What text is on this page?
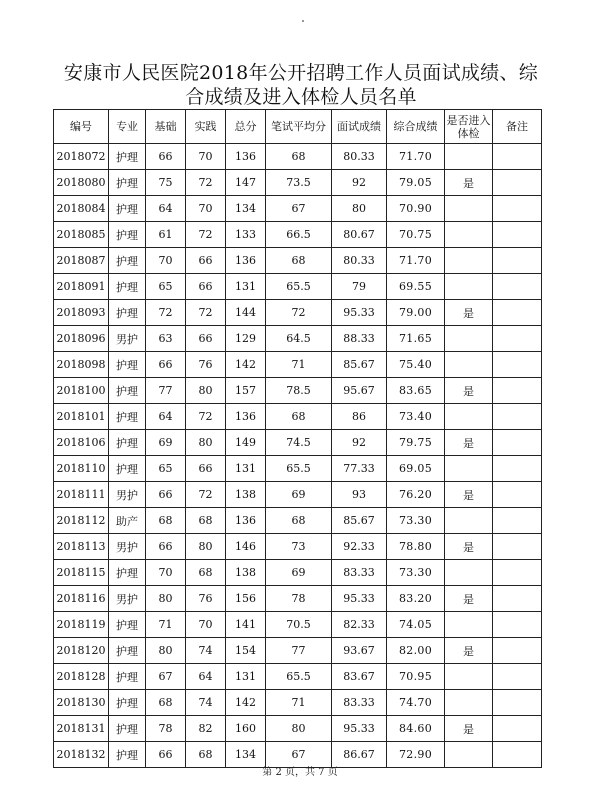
安康市人民医院2018年公开招聘工作人员面试成绩、综
合成绩及进入体检人员名单
编号	专业	基础	实践	总分	笔试平均分	面试成绩	综合成绩	是否进入体检	备注
2018072	护理	66	70	136	68	80.33	71.70		
2018080	护理	75	72	147	73.5	92	79.05	是	
2018084	护理	64	70	134	67	80	70.90		
2018085	护理	61	72	133	66.5	80.67	70.75		
2018087	护理	70	66	136	68	80.33	71.70		
2018091	护理	65	66	131	65.5	79	69.55		
2018093	护理	72	72	144	72	95.33	79.00	是	
2018096	男护	63	66	129	64.5	88.33	71.65		
2018098	护理	66	76	142	71	85.67	75.40		
2018100	护理	77	80	157	78.5	95.67	83.65	是	
2018101	护理	64	72	136	68	86	73.40		
2018106	护理	69	80	149	74.5	92	79.75	是	
2018110	护理	65	66	131	65.5	77.33	69.05		
2018111	男护	66	72	138	69	93	76.20	是	
2018112	助产	68	68	136	68	85.67	73.30		
2018113	男护	66	80	146	73	92.33	78.80	是	
2018115	护理	70	68	138	69	83.33	73.30		
2018116	男护	80	76	156	78	95.33	83.20	是	
2018119	护理	71	70	141	70.5	82.33	74.05		
2018120	护理	80	74	154	77	93.67	82.00	是	
2018128	护理	67	64	131	65.5	83.67	70.95		
2018130	护理	68	74	142	71	83.33	74.70		
2018131	护理	78	82	160	80	95.33	84.60	是	
2018132	护理	66	68	134	67	86.67	72.90		
第 2 页，共 7 页
